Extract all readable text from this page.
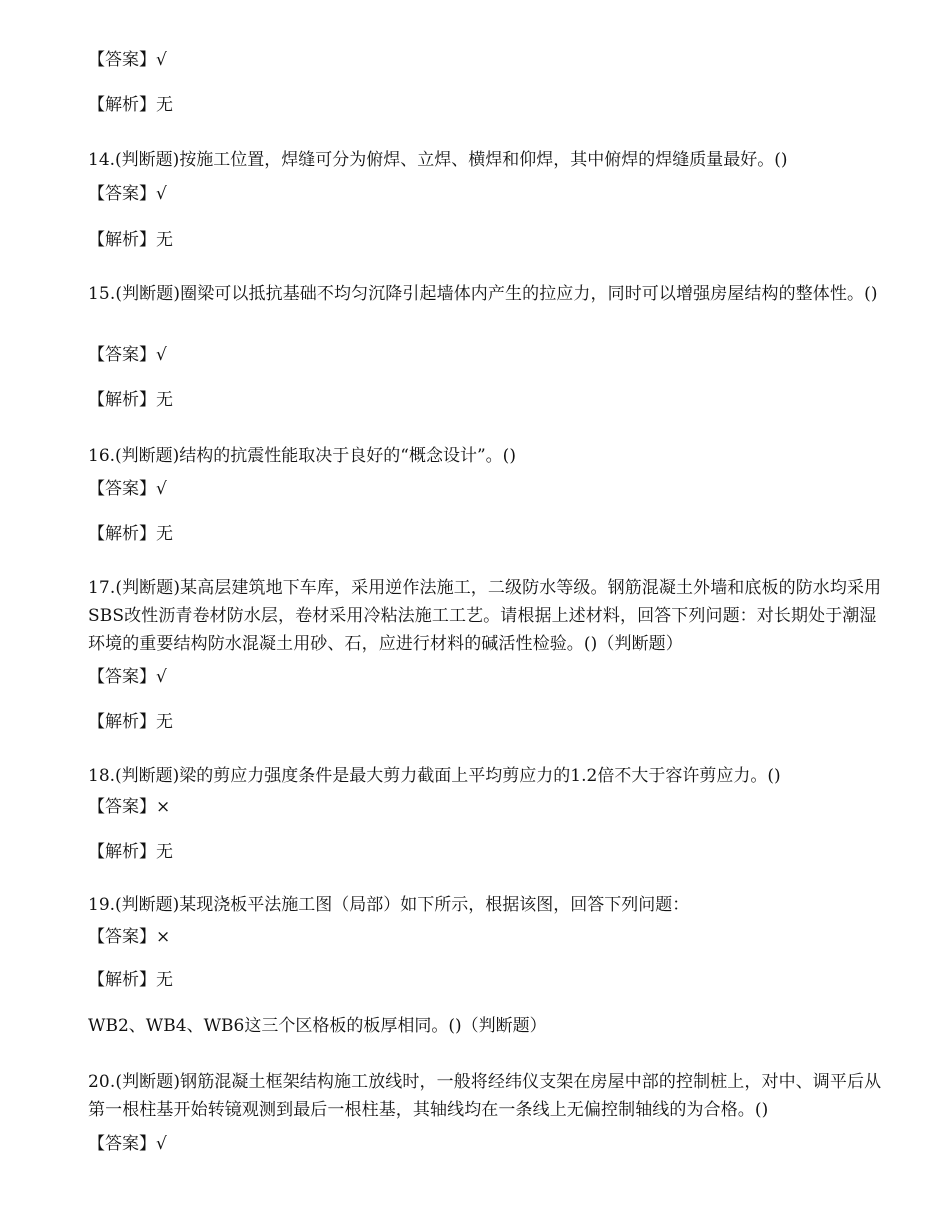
【答案】√
【解析】无
14.(判断题)按施工位置，焊缝可分为俯焊、立焊、横焊和仰焊，其中俯焊的焊缝质量最好。()
【答案】√
【解析】无
15.(判断题)圈梁可以抵抗基础不均匀沉降引起墙体内产生的拉应力，同时可以增强房屋结构的整体性。()
【答案】√
【解析】无
16.(判断题)结构的抗震性能取决于良好的“概念设计”。()
【答案】√
【解析】无
17.(判断题)某高层建筑地下车库，采用逆作法施工，二级防水等级。钢筋混凝土外墙和底板的防水均采用SBS改性沥青卷材防水层，卷材采用冷粘法施工工艺。请根据上述材料，回答下列问题：对长期处于潮湿环境的重要结构防水混凝土用砂、石，应进行材料的碱活性检验。()（判断题）
【答案】√
【解析】无
18.(判断题)梁的剪应力强度条件是最大剪力截面上平均剪应力的1.2倍不大于容许剪应力。()
【答案】×
【解析】无
19.(判断题)某现浇板平法施工图（局部）如下所示，根据该图，回答下列问题：
【答案】×
【解析】无
WB2、WB4、WB6这三个区格板的板厚相同。()（判断题）
20.(判断题)钢筋混凝土框架结构施工放线时，一般将经纬仪支架在房屋中部的控制桩上，对中、调平后从第一根柱基开始转镜观测到最后一根柱基，其轴线均在一条线上无偏控制轴线的为合格。()
【答案】√
